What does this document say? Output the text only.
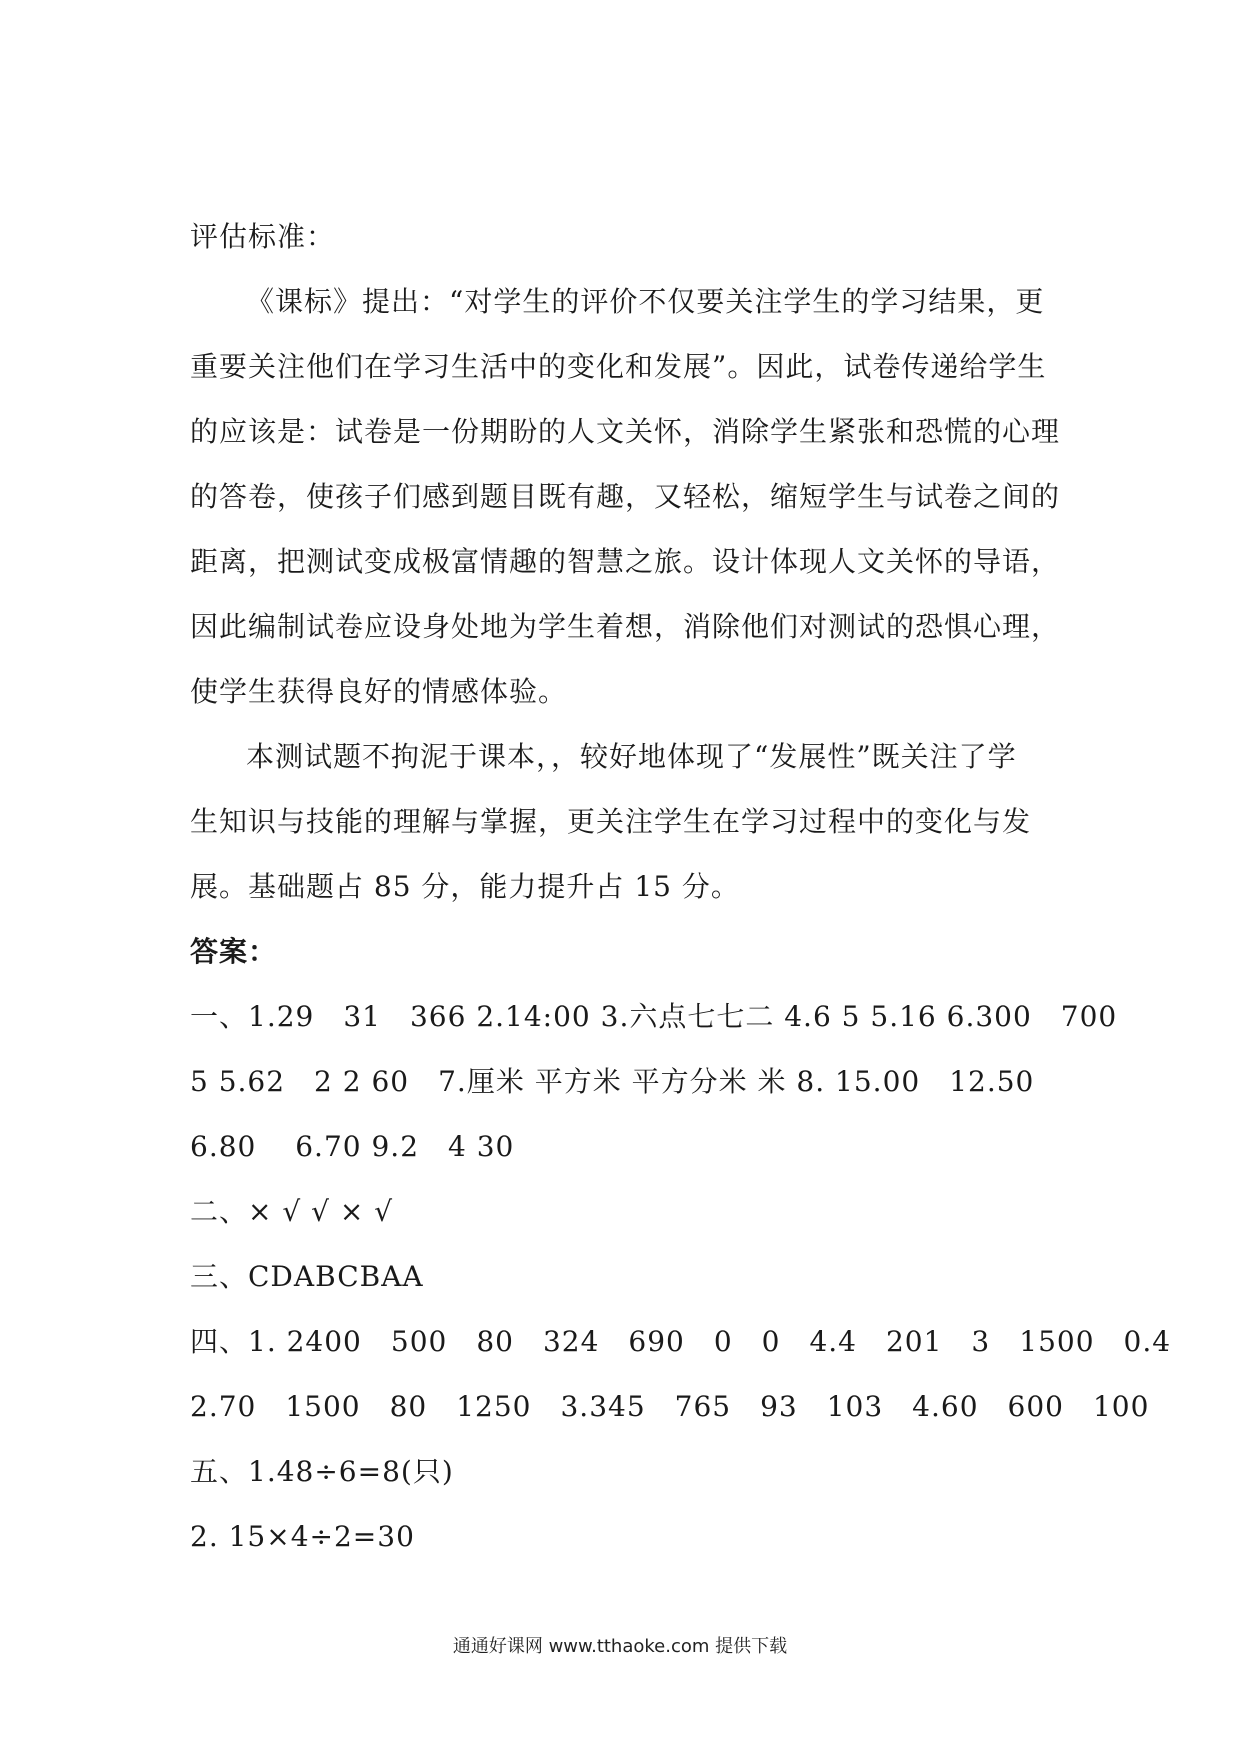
评估标准：
《课标》提出：“对学生的评价不仅要关注学生的学习结果，更
重要关注他们在学习生活中的变化和发展”。因此，试卷传递给学生
的应该是：试卷是一份期盼的人文关怀，消除学生紧张和恐慌的心理
的答卷，使孩子们感到题目既有趣，又轻松，缩短学生与试卷之间的
距离，把测试变成极富情趣的智慧之旅。设计体现人文关怀的导语，
因此编制试卷应设身处地为学生着想，消除他们对测试的恐惧心理，
使学生获得良好的情感体验。
本测试题不拘泥于课本，，较好地体现了“发展性”既关注了学
生知识与技能的理解与掌握，更关注学生在学习过程中的变化与发
展。基础题占 85 分，能力提升占 15 分。
答案：
一、1.29　31　366 2.14:00 3.六点七七二 4.6 5 5.16 6.300　700
5 5.62　2 2 60　7.厘米 平方米 平方分米 米 8. 15.00　12.50
6.80　 6.70 9.2　4 30
二、× √ √ × √
三、CDABCBAA
四、1. 2400　500　80　324　690　0　0　4.4　201　3　1500　0.4
2.70　1500　80　1250　3.345　765　93　103　4.60　600　100
五、1.48÷6=8(只)
2. 15×4÷2=30
通通好课网 www.tthaoke.com 提供下载
